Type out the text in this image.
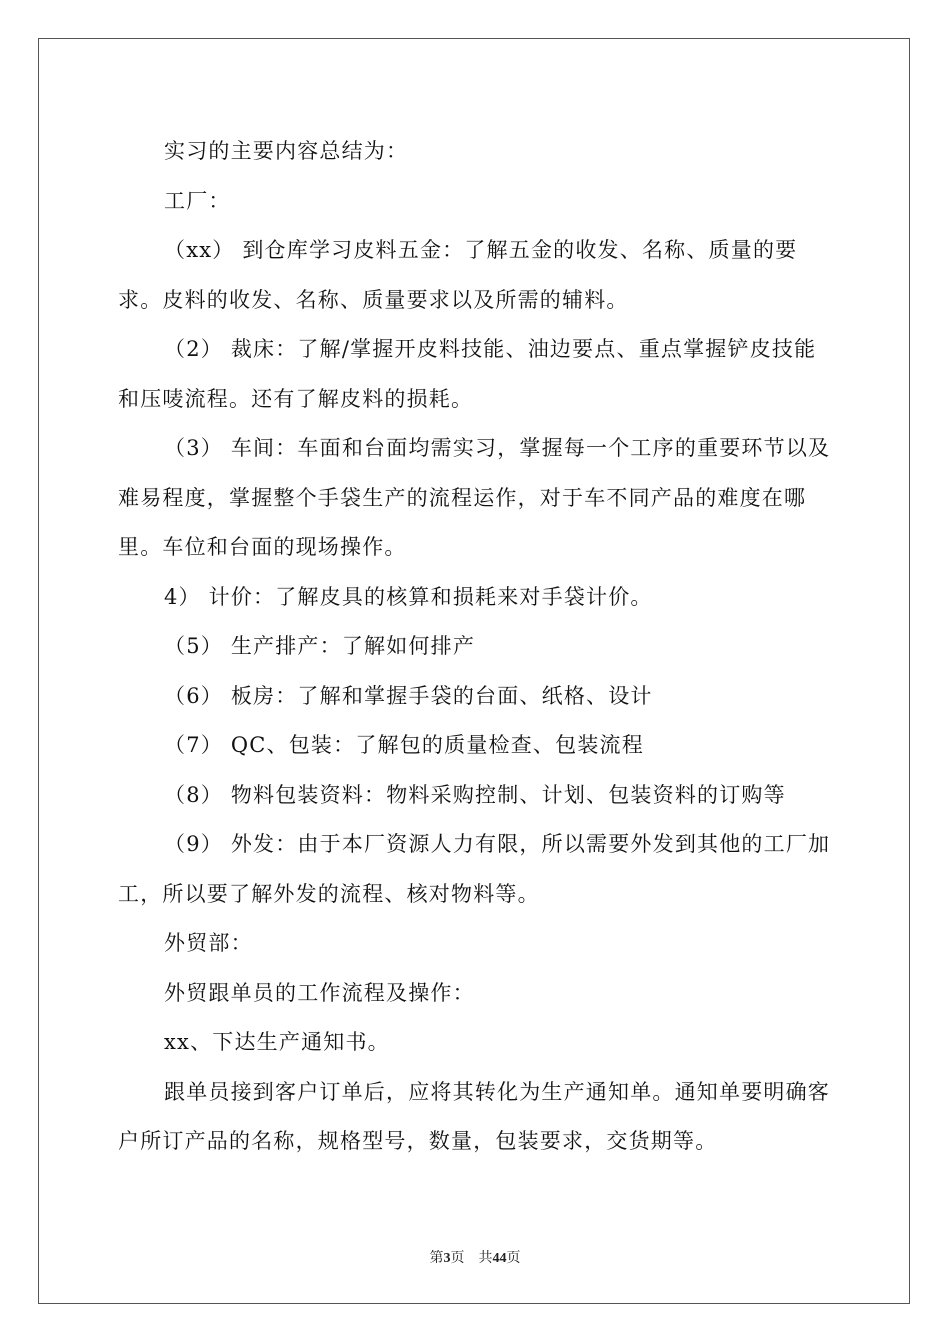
实习的主要内容总结为：

工厂：

（xx） 到仓库学习皮料五金：了解五金的收发、名称、质量的要求。皮料的收发、名称、质量要求以及所需的辅料。

（2） 裁床：了解/掌握开皮料技能、油边要点、重点掌握铲皮技能和压唛流程。还有了解皮料的损耗。

（3） 车间：车面和台面均需实习，掌握每一个工序的重要环节以及难易程度，掌握整个手袋生产的流程运作，对于车不同产品的难度在哪里。车位和台面的现场操作。

4） 计价：了解皮具的核算和损耗来对手袋计价。

（5） 生产排产：了解如何排产

（6） 板房：了解和掌握手袋的台面、纸格、设计

（7） QC、包装：了解包的质量检查、包装流程

（8） 物料包装资料：物料采购控制、计划、包装资料的订购等

（9） 外发：由于本厂资源人力有限，所以需要外发到其他的工厂加工，所以要了解外发的流程、核对物料等。

外贸部：

外贸跟单员的工作流程及操作：

xx、下达生产通知书。

跟单员接到客户订单后，应将其转化为生产通知单。通知单要明确客户所订产品的名称，规格型号，数量，包装要求，交货期等。

第3页　共44页
